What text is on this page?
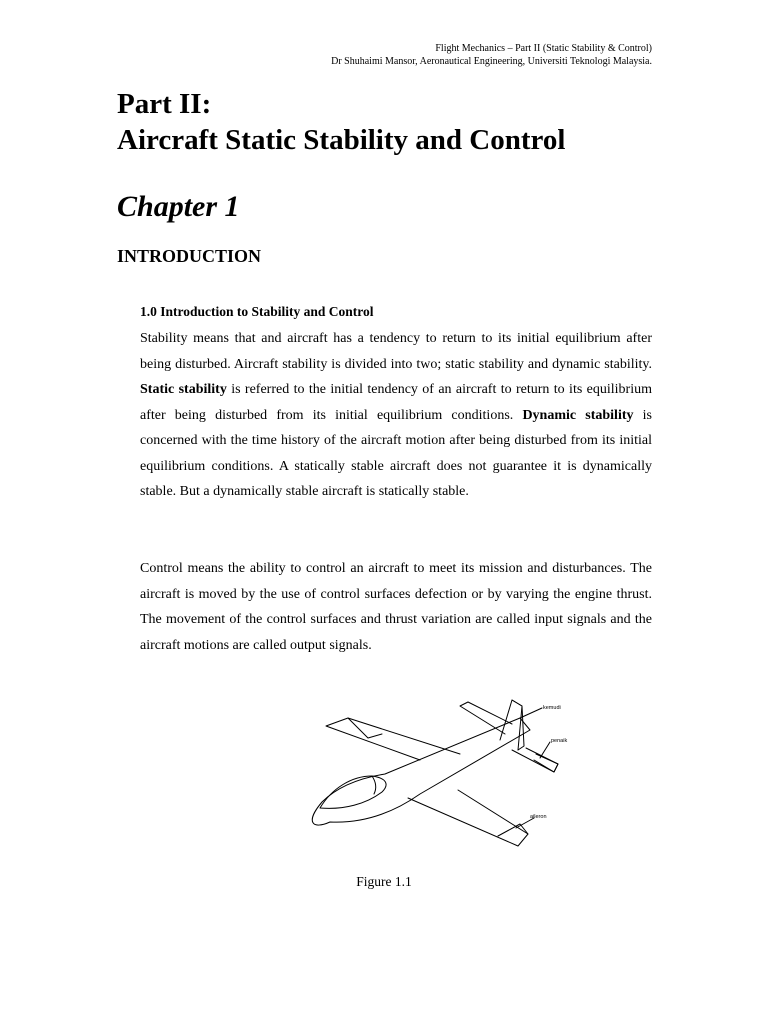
Flight Mechanics – Part II (Static Stability & Control)
Dr Shuhaimi Mansor, Aeronautical Engineering, Universiti Teknologi Malaysia.
Part II:
Aircraft Static Stability and Control
Chapter 1
INTRODUCTION
1.0 Introduction to Stability and Control
Stability means that and aircraft has a tendency to return to its initial equilibrium after being disturbed. Aircraft stability is divided into two; static stability and dynamic stability. Static stability is referred to the initial tendency of an aircraft to return to its equilibrium after being disturbed from its initial equilibrium conditions. Dynamic stability is concerned with the time history of the aircraft motion after being disturbed from its initial equilibrium conditions. A statically stable aircraft does not guarantee it is dynamically stable. But a dynamically stable aircraft is statically stable.
Control means the ability to control an aircraft to meet its mission and disturbances. The aircraft is moved by the use of control surfaces defection or by varying the engine thrust. The movement of the control surfaces and thrust variation are called input signals and the aircraft motions are called output signals.
kemudi
penaik
aileron
Figure 1.1
